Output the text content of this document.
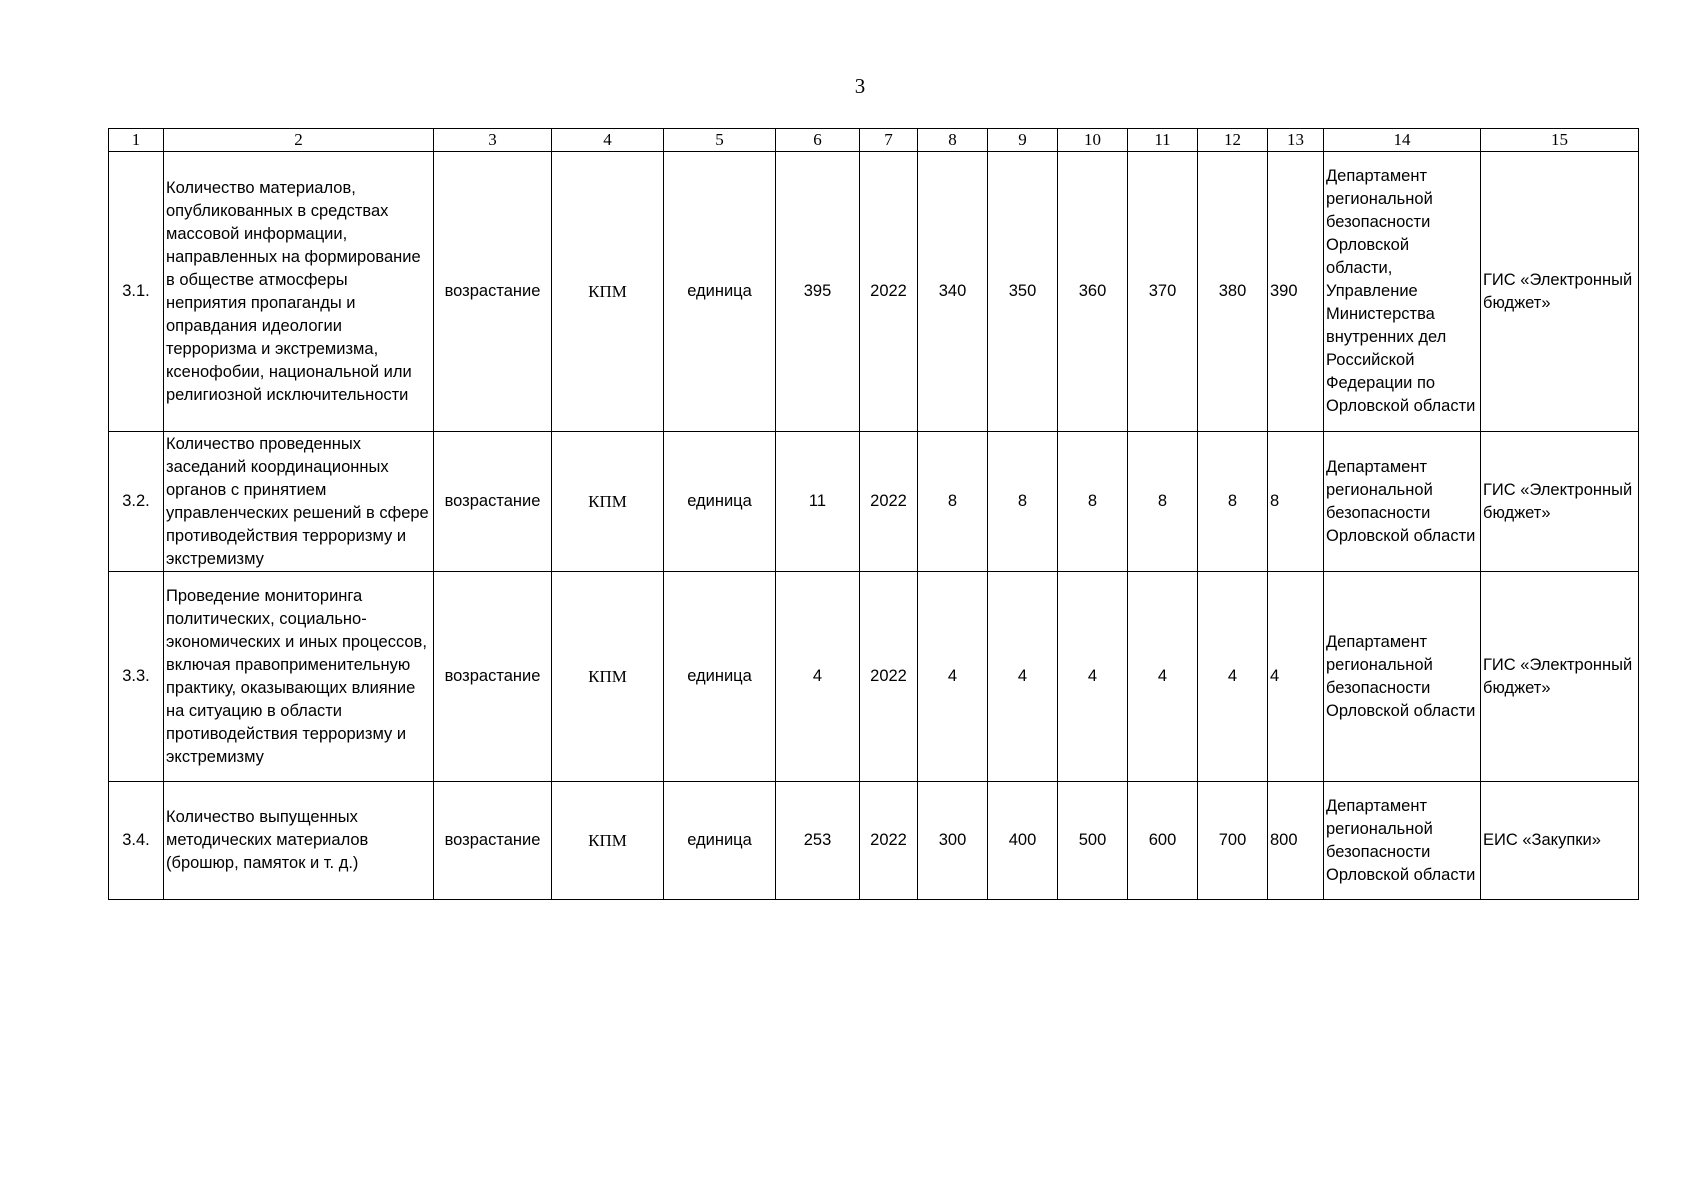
3
1	2	3	4	5	6	7	8	9	10	11	12	13	14	15
3.1.	Количество материалов, опубликованных в средствах массовой информации, направленных на формирование в обществе атмосферы неприятия пропаганды и оправдания идеологии терроризма и экстремизма, ксенофобии, национальной или религиозной исключительности	возрастание	КПМ	единица	395	2022	340	350	360	370	380	390	Департамент региональной безопасности Орловской области, Управление Министерства внутренних дел Российской Федерации по Орловской области	ГИС «Электронный бюджет»
3.2.	Количество проведенных заседаний координационных органов с принятием управленческих решений в сфере противодействия терроризму и экстремизму	возрастание	КПМ	единица	11	2022	8	8	8	8	8	8	Департамент региональной безопасности Орловской области	ГИС «Электронный бюджет»
3.3.	Проведение мониторинга политических, социально-экономических и иных процессов, включая правоприменительную практику, оказывающих влияние на ситуацию в области противодействия терроризму и экстремизму	возрастание	КПМ	единица	4	2022	4	4	4	4	4	4	Департамент региональной безопасности Орловской области	ГИС «Электронный бюджет»
3.4.	Количество выпущенных методических материалов (брошюр, памяток и т. д.)	возрастание	КПМ	единица	253	2022	300	400	500	600	700	800	Департамент региональной безопасности Орловской области	ЕИС «Закупки»
